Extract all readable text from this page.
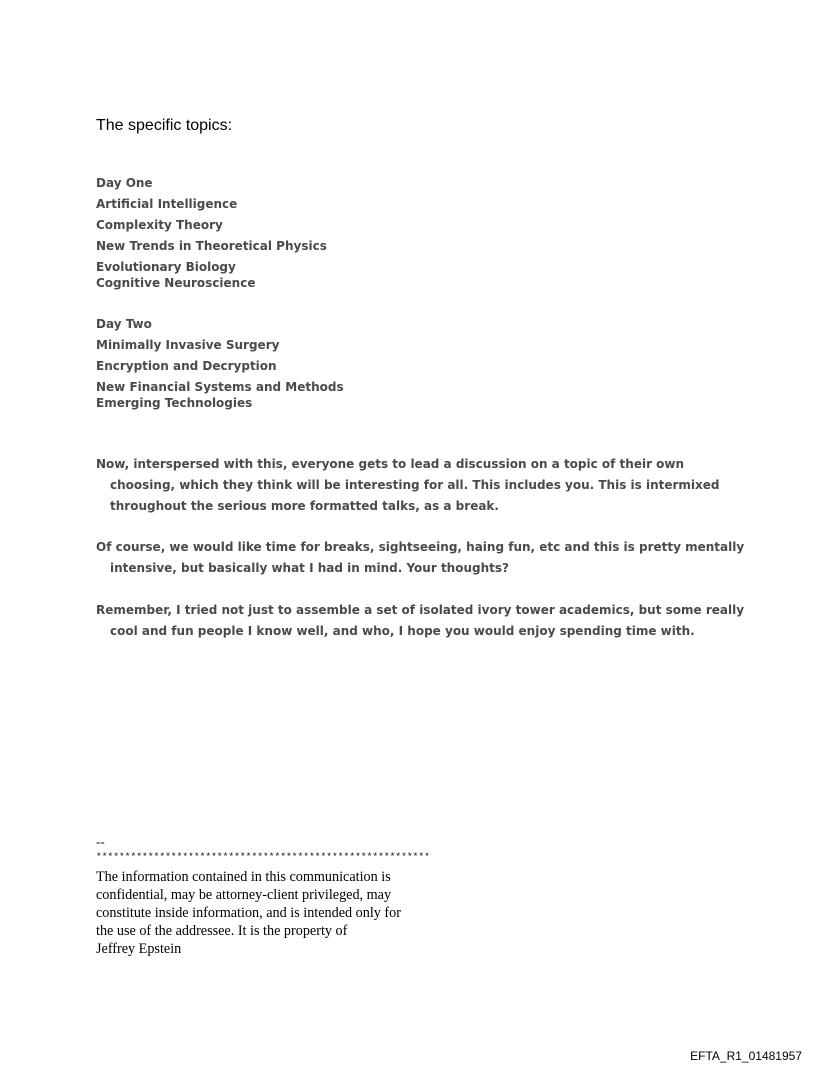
The specific topics:
Day One
Artificial Intelligence
Complexity Theory
New Trends in Theoretical Physics
Evolutionary Biology
Cognitive Neuroscience
Day Two
Minimally Invasive Surgery
Encryption and Decryption
New Financial Systems and Methods
Emerging Technologies

Now, interspersed with this, everyone gets to lead a discussion on a topic of their own choosing, which they think will be interesting for all. This includes you. This is intermixed throughout the serious more formatted talks, as a break.

Of course, we would like time for breaks, sightseeing, haing fun, etc and this is pretty mentally intensive, but basically what I had in mind. Your thoughts?

Remember, I tried not just to assemble a set of isolated ivory tower academics, but some really cool and fun people I know well, and who, I hope you would enjoy spending time with.

--

**********************************************************

The information contained in this communication is
confidential, may be attorney-client privileged, may
constitute inside information, and is intended only for
the use of the addressee. It is the property of
Jeffrey Epstein

EFTA_R1_01481957
